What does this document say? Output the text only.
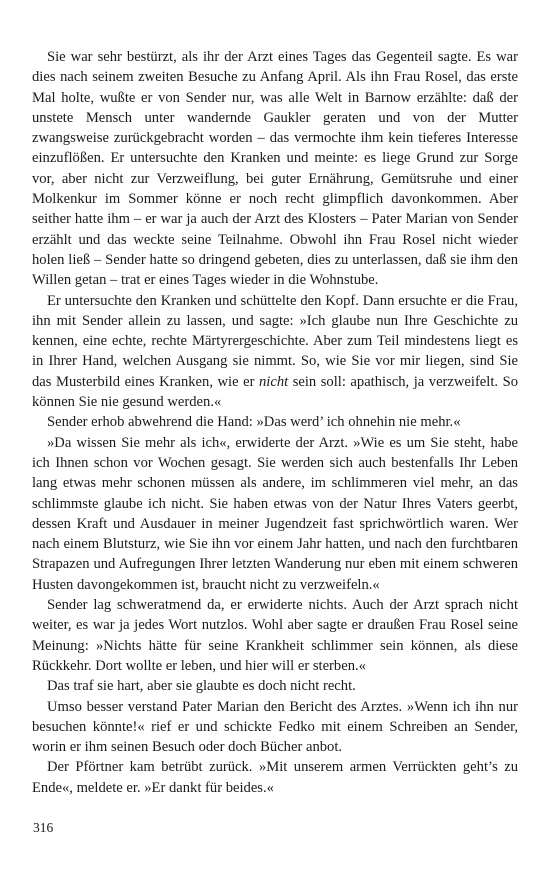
Sie war sehr bestürzt, als ihr der Arzt eines Tages das Gegenteil sagte. Es war dies nach seinem zweiten Besuche zu Anfang April. Als ihn Frau Rosel, das erste Mal holte, wußte er von Sender nur, was alle Welt in Barnow erzählte: daß der unstete Mensch unter wandernde Gaukler geraten und von der Mutter zwangsweise zurückgebracht worden – das vermochte ihm kein tieferes Interesse einzuflößen. Er untersuchte den Kranken und meinte: es liege Grund zur Sorge vor, aber nicht zur Verzweiflung, bei guter Ernährung, Gemütsruhe und einer Molkenkur im Sommer könne er noch recht glimpflich davonkommen. Aber seither hatte ihm – er war ja auch der Arzt des Klosters – Pater Marian von Sender erzählt und das weckte seine Teilnahme. Obwohl ihn Frau Rosel nicht wieder holen ließ – Sender hatte so dringend gebeten, dies zu unterlassen, daß sie ihm den Willen getan – trat er eines Tages wieder in die Wohnstube.

Er untersuchte den Kranken und schüttelte den Kopf. Dann ersuchte er die Frau, ihn mit Sender allein zu lassen, und sagte: »Ich glaube nun Ihre Geschichte zu kennen, eine echte, rechte Märtyrergeschichte. Aber zum Teil mindestens liegt es in Ihrer Hand, welchen Ausgang sie nimmt. So, wie Sie vor mir liegen, sind Sie das Musterbild eines Kranken, wie er nicht sein soll: apathisch, ja verzweifelt. So können Sie nie gesund werden.«

Sender erhob abwehrend die Hand: »Das werd’ ich ohnehin nie mehr.«

»Da wissen Sie mehr als ich«, erwiderte der Arzt. »Wie es um Sie steht, habe ich Ihnen schon vor Wochen gesagt. Sie werden sich auch bestenfalls Ihr Leben lang etwas mehr schonen müssen als andere, im schlimmeren viel mehr, an das schlimmste glaube ich nicht. Sie haben etwas von der Natur Ihres Vaters geerbt, dessen Kraft und Ausdauer in meiner Jugendzeit fast sprichwörtlich waren. Wer nach einem Blutsturz, wie Sie ihn vor einem Jahr hatten, und nach den furchtbaren Strapazen und Aufregungen Ihrer letzten Wanderung nur eben mit einem schweren Husten davongekommen ist, braucht nicht zu verzweifeln.«

Sender lag schweratmend da, er erwiderte nichts. Auch der Arzt sprach nicht weiter, es war ja jedes Wort nutzlos. Wohl aber sagte er draußen Frau Rosel seine Meinung: »Nichts hätte für seine Krankheit schlimmer sein können, als diese Rückkehr. Dort wollte er leben, und hier will er sterben.«

Das traf sie hart, aber sie glaubte es doch nicht recht.

Umso besser verstand Pater Marian den Bericht des Arztes. »Wenn ich ihn nur besuchen könnte!« rief er und schickte Fedko mit einem Schreiben an Sender, worin er ihm seinen Besuch oder doch Bücher anbot.

Der Pförtner kam betrübt zurück. »Mit unserem armen Verrückten geht’s zu Ende«, meldete er. »Er dankt für beides.«

316
